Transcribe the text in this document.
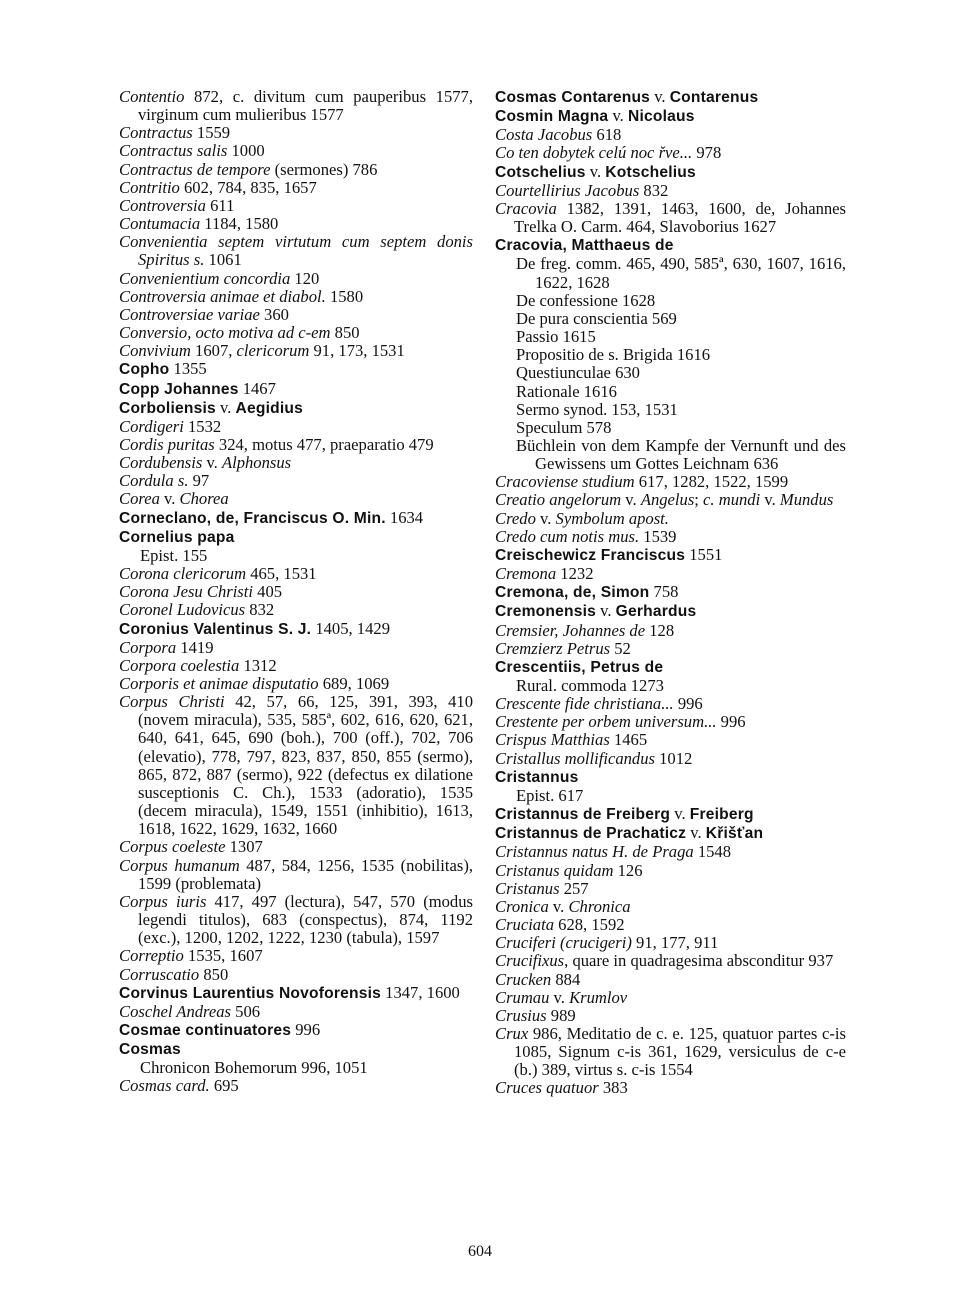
Contentio 872, c. divitum cum pauperibus 1577, virginum cum mulieribus 1577
Contractus 1559
Contractus salis 1000
Contractus de tempore (sermones) 786
Contritio 602, 784, 835, 1657
Controversia 611
Contumacia 1184, 1580
Convenientia septem virtutum cum septem donis Spiritus s. 1061
Convenientium concordia 120
Controversia animae et diabol. 1580
Controversiae variae 360
Conversio, octo motiva ad c-em 850
Convivium 1607, clericorum 91, 173, 1531
Copho 1355
Copp Johannes 1467
Corboliensis v. Aegidius
Cordigeri 1532
Cordis puritas 324, motus 477, praeparatio 479
Cordubensis v. Alphonsus
Cordula s. 97
Corea v. Chorea
Corneclano, de, Franciscus O. Min. 1634
Cornelius papa
Epist. 155
Corona clericorum 465, 1531
Corona Jesu Christi 405
Coronel Ludovicus 832
Coronius Valentinus S. J. 1405, 1429
Corpora 1419
Corpora coelestia 1312
Corporis et animae disputatio 689, 1069
Corpus Christi 42, 57, 66, 125, 391, 393, 410 (novem miracula), 535, 585ª, 602, 616, 620, 621, 640, 641, 645, 690 (boh.), 700 (off.), 702, 706 (elevatio), 778, 797, 823, 837, 850, 855 (sermo), 865, 872, 887 (sermo), 922 (defectus ex dilatione susceptionis C. Ch.), 1533 (adoratio), 1535 (decem miracula), 1549, 1551 (inhibitio), 1613, 1618, 1622, 1629, 1632, 1660
Corpus coeleste 1307
Corpus humanum 487, 584, 1256, 1535 (nobilitas), 1599 (problemata)
Corpus iuris 417, 497 (lectura), 547, 570 (modus legendi titulos), 683 (conspectus), 874, 1192 (exc.), 1200, 1202, 1222, 1230 (tabula), 1597
Correptio 1535, 1607
Corruscatio 850
Corvinus Laurentius Novoforensis 1347, 1600
Coschel Andreas 506
Cosmae continuatores 996
Cosmas
Chronicon Bohemorum 996, 1051
Cosmas card. 695
Cosmas Contarenus v. Contarenus
Cosmin Magna v. Nicolaus
Costa Jacobus 618
Co ten dobytek celú noc řve... 978
Cotschelius v. Kotschelius
Courtellirius Jacobus 832
Cracovia 1382, 1391, 1463, 1600, de, Johannes Trelka O. Carm. 464, Slavoborius 1627
Cracovia, Matthaeus de
De freg. comm. 465, 490, 585ª, 630, 1607, 1616, 1622, 1628
De confessione 1628
De pura conscientia 569
Passio 1615
Propositio de s. Brigida 1616
Questiunculae 630
Rationale 1616
Sermo synod. 153, 1531
Speculum 578
Büchlein von dem Kampfe der Vernunft und des Gewissens um Gottes Leichnam 636
Cracoviense studium 617, 1282, 1522, 1599
Creatio angelorum v. Angelus; c. mundi v. Mundus
Credo v. Symbolum apost.
Credo cum notis mus. 1539
Creischewicz Franciscus 1551
Cremona 1232
Cremona, de, Simon 758
Cremonensis v. Gerhardus
Cremsier, Johannes de 128
Cremzierz Petrus 52
Crescentiis, Petrus de
Rural. commoda 1273
Crescente fide christiana... 996
Crestente per orbem universum... 996
Crispus Matthias 1465
Cristallus mollificandus 1012
Cristannus
Epist. 617
Cristannus de Freiberg v. Freiberg
Cristannus de Prachaticz v. Křišťan
Cristannus natus H. de Praga 1548
Cristanus quidam 126
Cristanus 257
Cronica v. Chronica
Cruciata 628, 1592
Cruciferi (crucigeri) 91, 177, 911
Crucifixus, quare in quadragesima absconditur 937
Crucken 884
Crumau v. Krumlov
Crusius 989
Crux 986, Meditatio de c. e. 125, quatuor partes c-is 1085, Signum c-is 361, 1629, versiculus de c-e (b.) 389, virtus s. c-is 1554
Cruces quatuor 383
604
